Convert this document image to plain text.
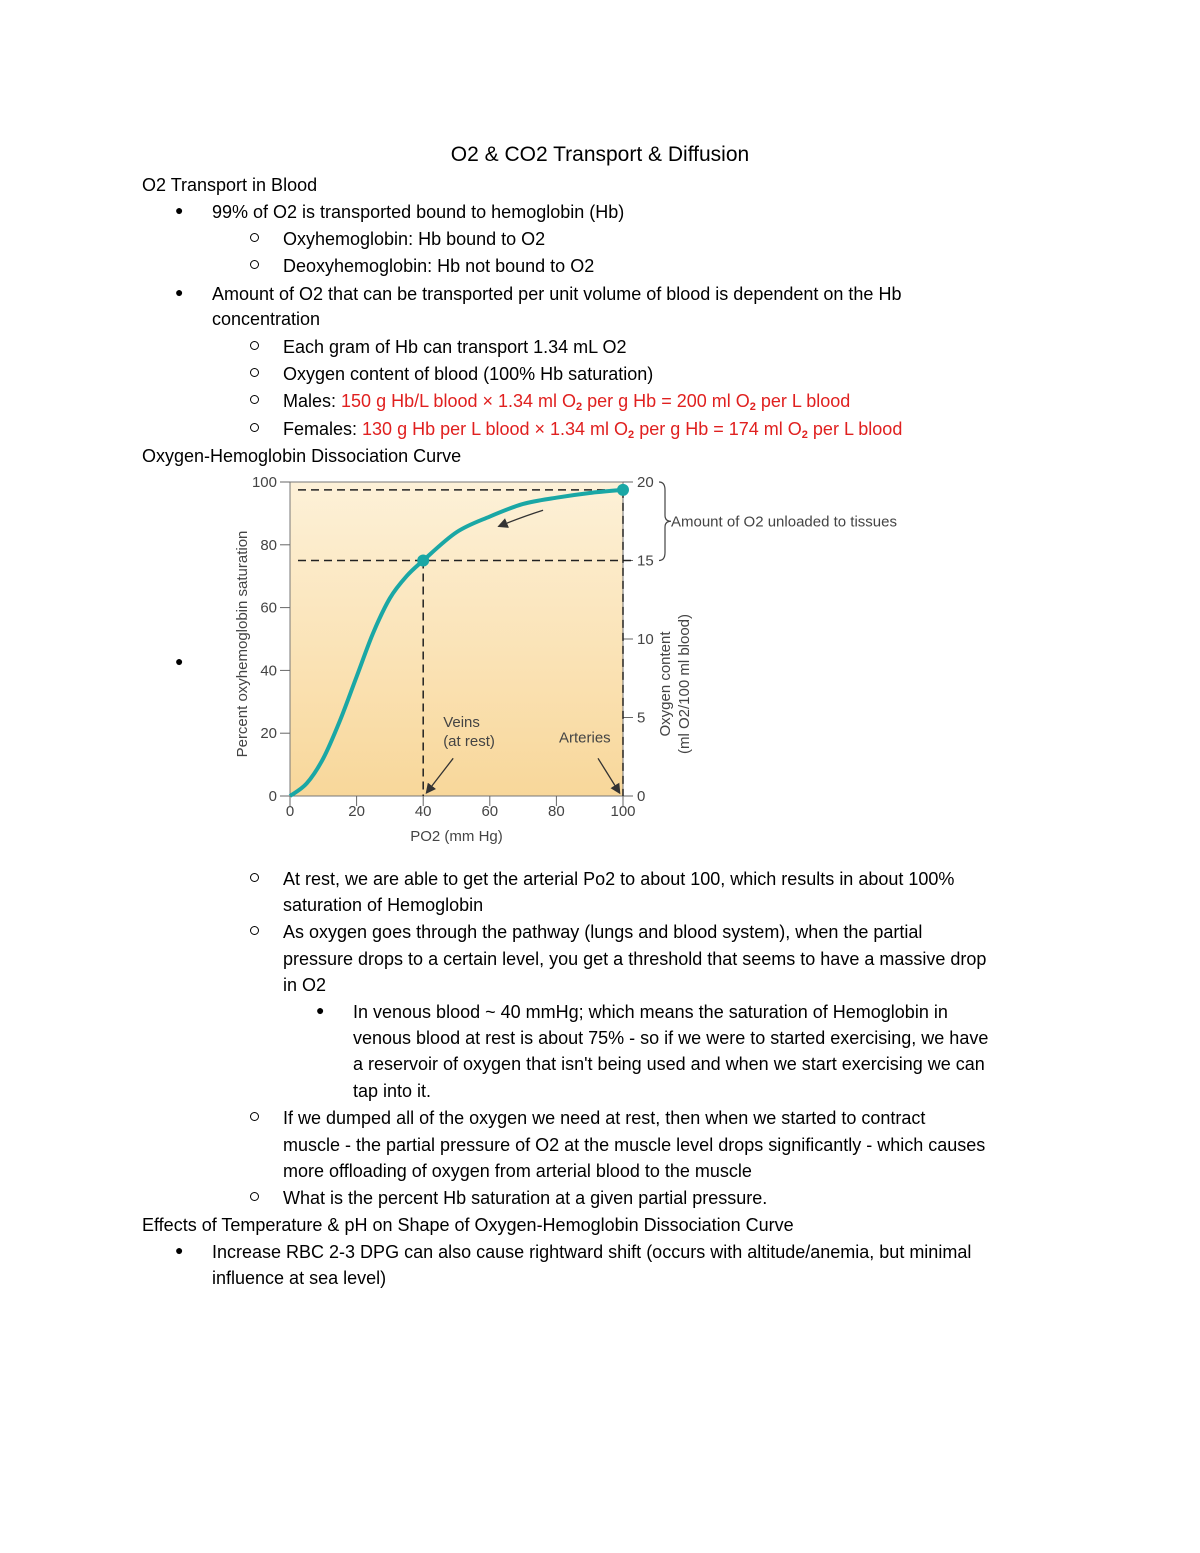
O2 & CO2 Transport & Diffusion
O2 Transport in Blood
● 99% of O2 is transported bound to hemoglobin (Hb)
Oxyhemoglobin: Hb bound to O2
Deoxyhemoglobin: Hb not bound to O2
● Amount of O2 that can be transported per unit volume of blood is dependent on the Hb
concentration
Each gram of Hb can transport 1.34 mL O2
Oxygen content of blood (100% Hb saturation)
Males: 150 g Hb/L blood × 1.34 ml O2 per g Hb = 200 ml O2 per L blood
Females: 130 g Hb per L blood × 1.34 ml O2 per g Hb = 174 ml O2 per L blood
Oxygen-Hemoglobin Dissociation Curve
●
0
20
40
60
80
100
0
5
10
15
20
0	20	40	60	80	100
PO2 (mm Hg)
Percent oxyhemoglobin saturation	Oxygen content (ml O2/100 ml blood)
Veins
(at rest)	Arteries
Amount of O2 unloaded to tissues
At rest, we are able to get the arterial Po2 to about 100, which results in about 100%
saturation of Hemoglobin
As oxygen goes through the pathway (lungs and blood system), when the partial
pressure drops to a certain level, you get a threshold that seems to have a massive drop
in O2
● In venous blood ~ 40 mmHg; which means the saturation of Hemoglobin in
venous blood at rest is about 75% - so if we were to started exercising, we have
a reservoir of oxygen that isn't being used and when we start exercising we can
tap into it.
If we dumped all of the oxygen we need at rest, then when we started to contract
muscle - the partial pressure of O2 at the muscle level drops significantly - which causes
more offloading of oxygen from arterial blood to the muscle
What is the percent Hb saturation at a given partial pressure.
Effects of Temperature & pH on Shape of Oxygen-Hemoglobin Dissociation Curve
● Increase RBC 2-3 DPG can also cause rightward shift (occurs with altitude/anemia, but minimal
influence at sea level)
